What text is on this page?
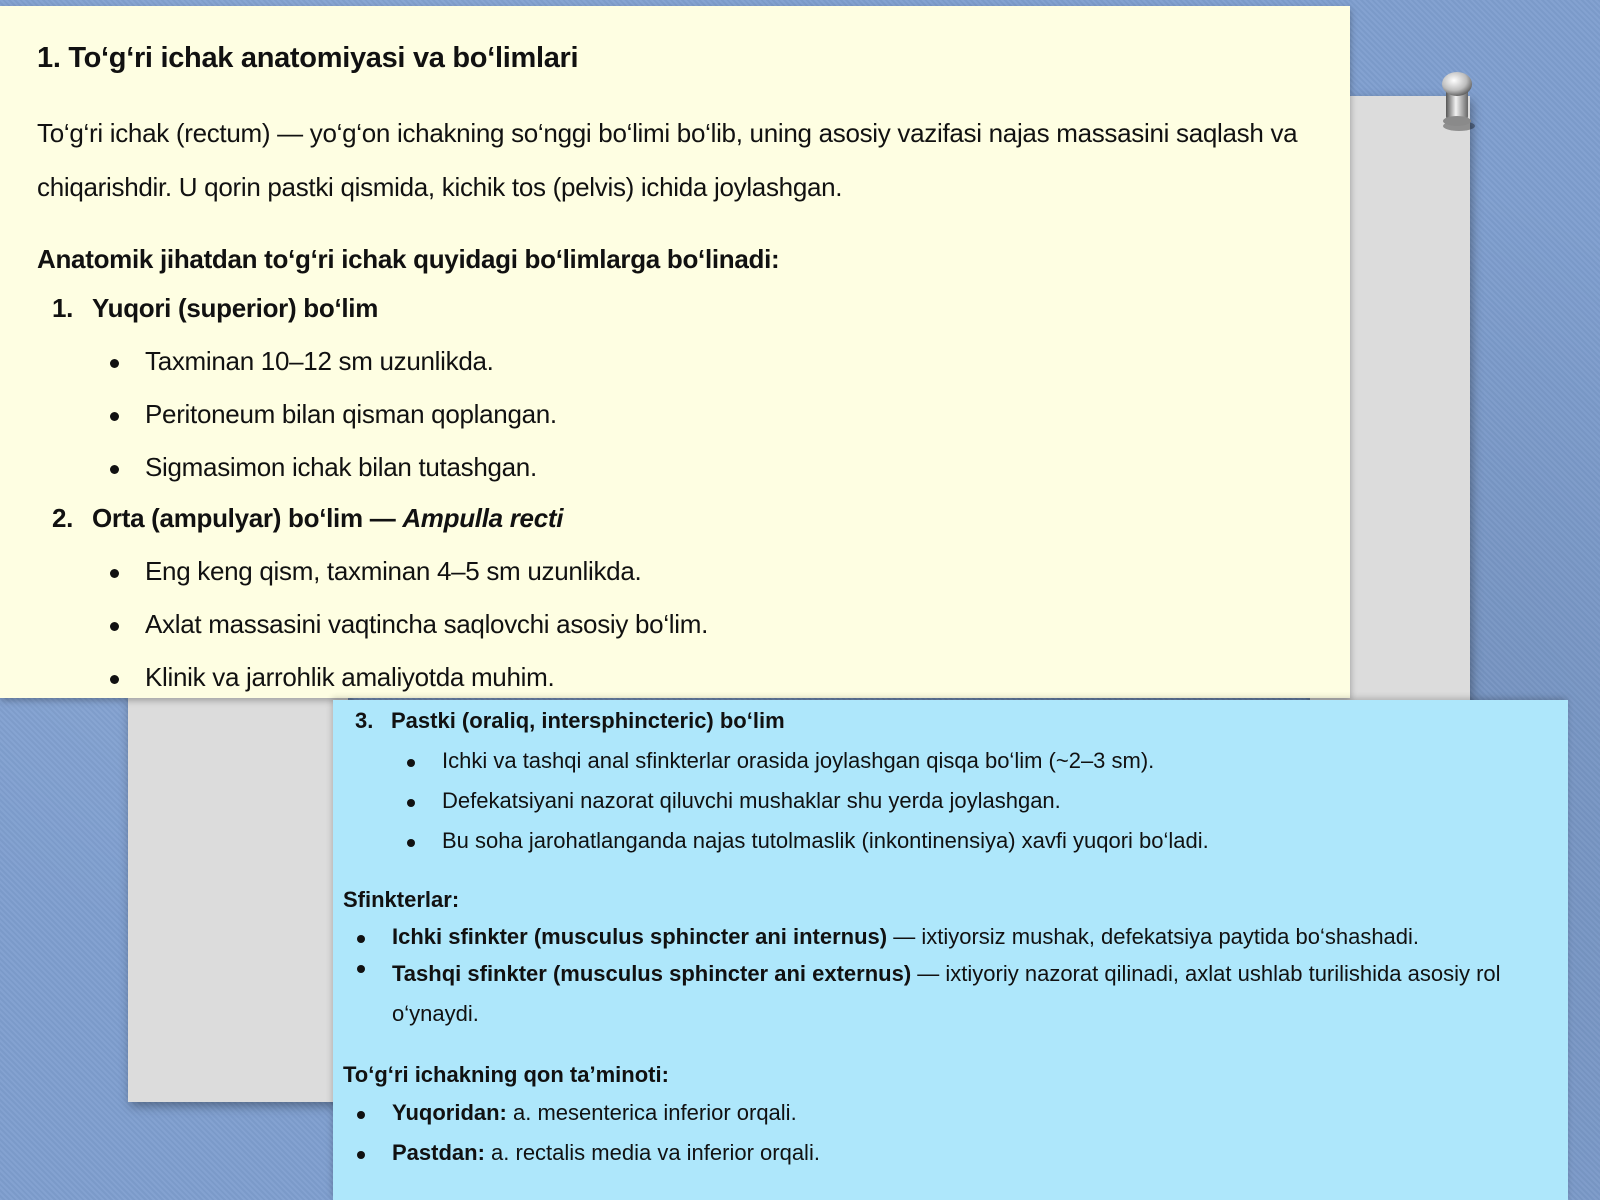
1. To‘g‘ri ichak anatomiyasi va bo‘limlari

To‘g‘ri ichak (rectum) — yo‘g‘on ichakning so‘nggi bo‘limi bo‘lib, uning asosiy vazifasi najas massasini saqlash va chiqarishdir. U qorin pastki qismida, kichik tos (pelvis) ichida joylashgan.

Anatomik jihatdan to‘g‘ri ichak quyidagi bo‘limlarga bo‘linadi:

1. Yuqori (superior) bo‘lim
Taxminan 10–12 sm uzunlikda.
Peritoneum bilan qisman qoplangan.
Sigmasimon ichak bilan tutashgan.
2. Orta (ampulyar) bo‘lim — Ampulla recti
Eng keng qism, taxminan 4–5 sm uzunlikda.
Axlat massasini vaqtincha saqlovchi asosiy bo‘lim.
Klinik va jarrohlik amaliyotda muhim.
3. Pastki (oraliq, intersphincteric) bo‘lim
Ichki va tashqi anal sfinkterlar orasida joylashgan qisqa bo‘lim (~2–3 sm).
Defekatsiyani nazorat qiluvchi mushaklar shu yerda joylashgan.
Bu soha jarohatlanganda najas tutolmaslik (inkontinensiya) xavfi yuqori bo‘ladi.
Sfinkterlar:
Ichki sfinkter (musculus sphincter ani internus) — ixtiyorsiz mushak, defekatsiya paytida bo‘shashadi.
Tashqi sfinkter (musculus sphincter ani externus) — ixtiyoriy nazorat qilinadi, axlat ushlab turilishida asosiy rol o‘ynaydi.
To‘g‘ri ichakning qon ta’minoti:
Yuqoridan: a. mesenterica inferior orqali.
Pastdan: a. rectalis media va inferior orqali.
